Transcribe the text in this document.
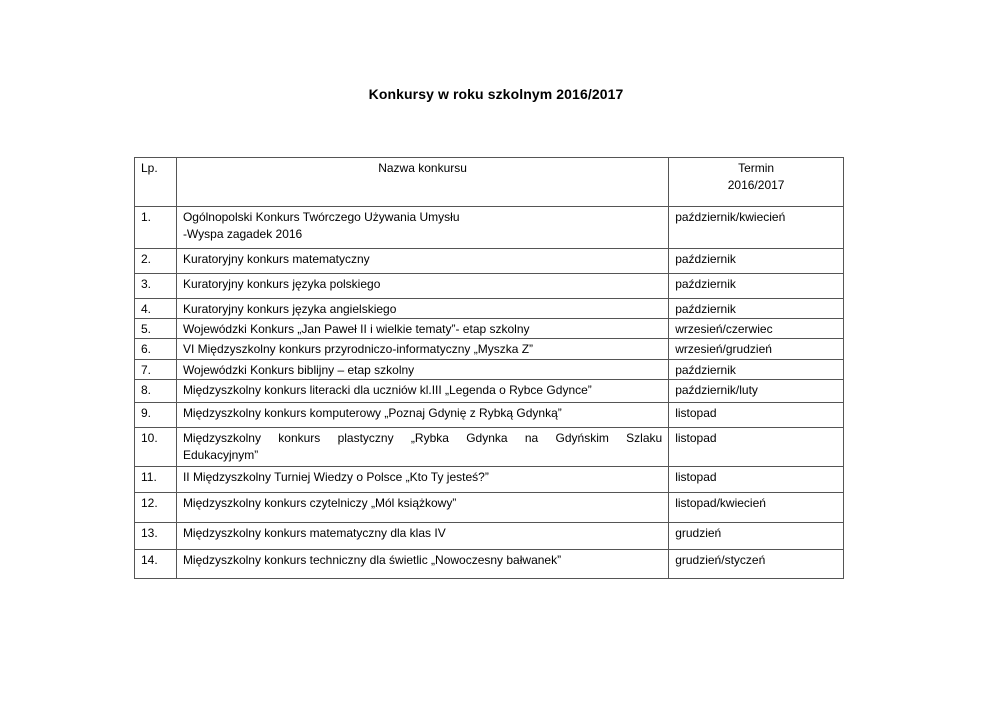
Konkursy w roku szkolnym 2016/2017
Lp.	Nazwa konkursu	Termin
2016/2017

1.	Ogólnopolski Konkurs Twórczego Używania Umysłu
-Wyspa zagadek 2016	październik/kwiecień
2.	Kuratoryjny konkurs matematyczny	październik
3.	Kuratoryjny konkurs języka polskiego	październik
4.	Kuratoryjny konkurs języka angielskiego	październik
5.	Wojewódzki Konkurs „Jan Paweł II i wielkie tematy”- etap szkolny	wrzesień/czerwiec
6.	VI Międzyszkolny konkurs przyrodniczo-informatyczny „Myszka Z”	wrzesień/grudzień
7.	Wojewódzki Konkurs biblijny – etap szkolny	październik
8.	Międzyszkolny konkurs literacki dla uczniów kl.III „Legenda o Rybce Gdynce”	październik/luty
9.	Międzyszkolny konkurs komputerowy „Poznaj Gdynię z Rybką Gdynką”	listopad
10.	Międzyszkolny konkurs plastyczny „Rybka Gdynka na Gdyńskim Szlaku
Edukacyjnym”	listopad
11.	II Międzyszkolny Turniej Wiedzy o Polsce „Kto Ty jesteś?”	listopad
12.	Międzyszkolny konkurs czytelniczy „Mól książkowy”	listopad/kwiecień
13.	Międzyszkolny konkurs matematyczny dla klas IV	grudzień
14.	Międzyszkolny konkurs techniczny dla świetlic „Nowoczesny bałwanek”	grudzień/styczeń
